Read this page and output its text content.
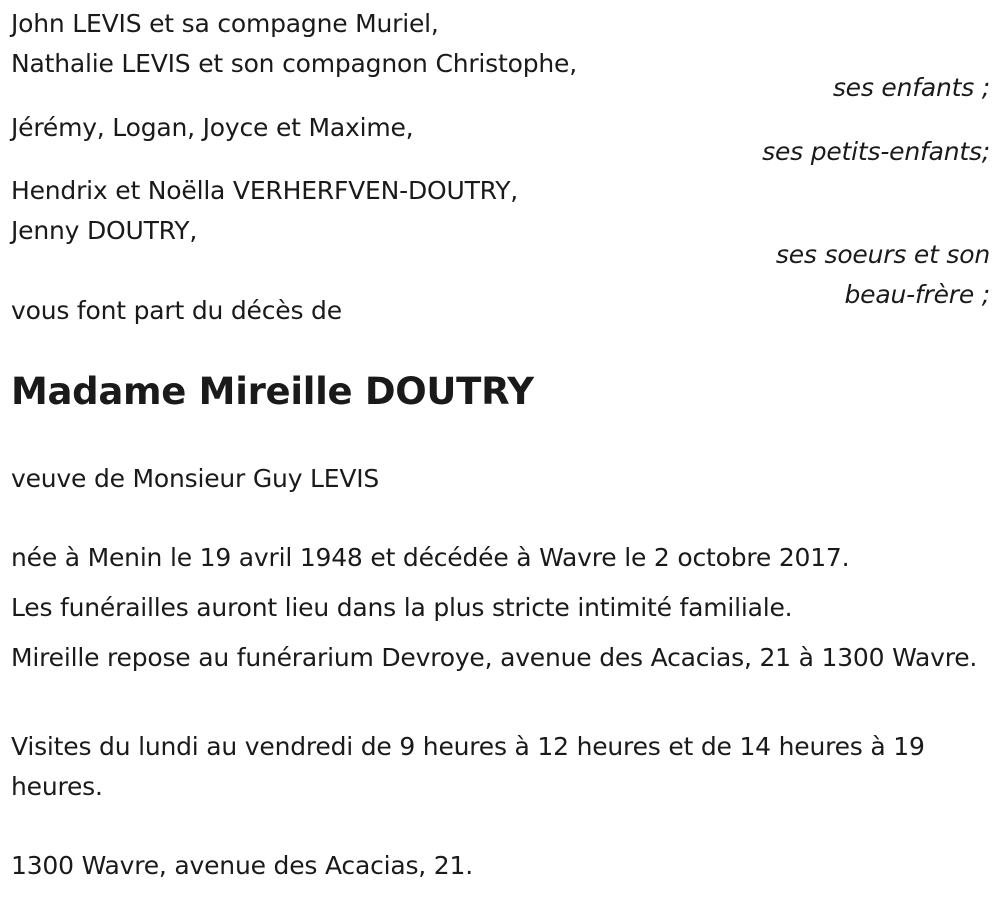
John LEVIS et sa compagne Muriel,
Nathalie LEVIS et son compagnon Christophe,
ses enfants ;
Jérémy, Logan, Joyce et Maxime,
ses petits-enfants;
Hendrix et Noëlla VERHERFVEN-DOUTRY,
Jenny DOUTRY,
ses soeurs et son
beau-frère ;
vous font part du décès de
Madame Mireille DOUTRY
veuve de Monsieur Guy LEVIS
née à Menin le 19 avril 1948 et décédée à Wavre le 2 octobre 2017.
Les funérailles auront lieu dans la plus stricte intimité familiale.
Mireille repose au funérarium Devroye, avenue des Acacias, 21 à 1300 Wavre.
Visites du lundi au vendredi de 9 heures à 12 heures et de 14 heures à 19 heures.
1300 Wavre, avenue des Acacias, 21.
